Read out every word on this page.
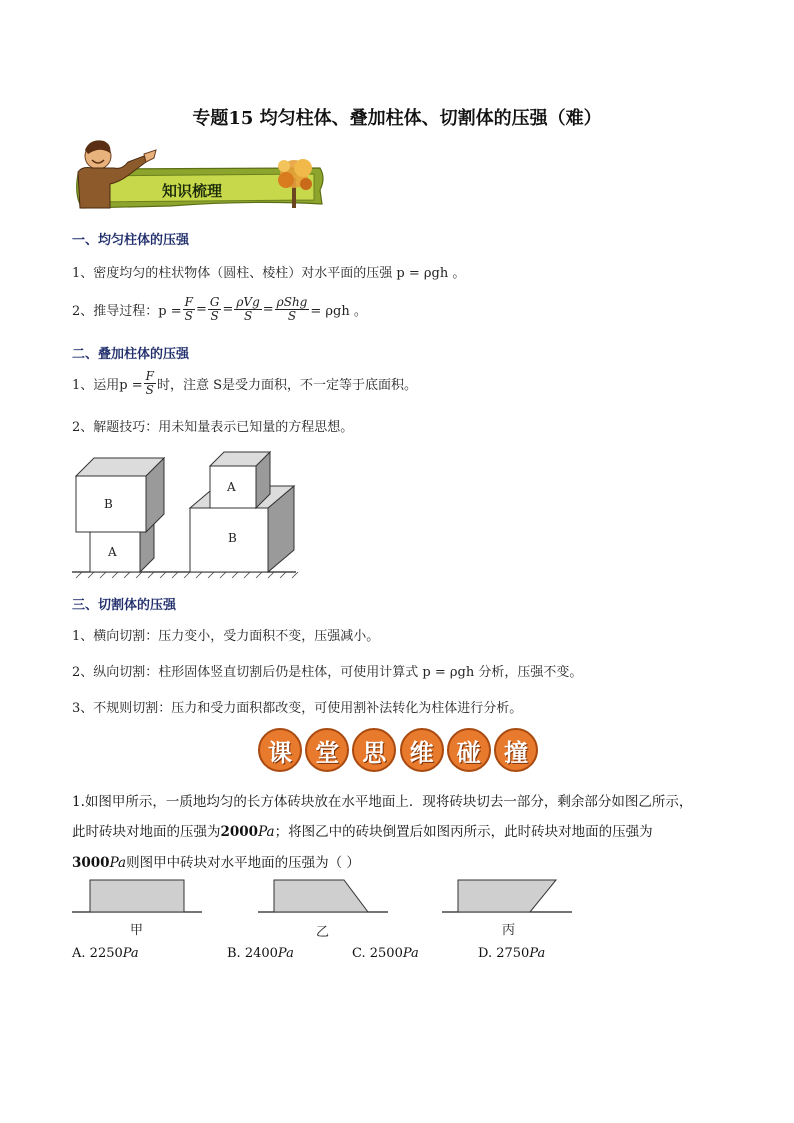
专题15 均匀柱体、叠加柱体、切割体的压强（难）
知识梳理
一、均匀柱体的压强
1、密度均匀的柱状物体（圆柱、棱柱）对水平面的压强 p = ρgh 。
2、推导过程：$p = \frac{F}{S} = \frac{G}{S} = \frac{\text{ρVg}}{S} = \frac{\text{ρShg}}{S} = \rho gh$ 。
二、叠加柱体的压强
1、运用$p = \frac{F}{S}$ 时，注意 S是受力面积，不一定等于底面积。
2、解题技巧：用未知量表示已知量的方程思想。
B
A
A
B
三、切割体的压强
1、横向切割：压力变小，受力面积不变，压强减小。
2、纵向切割：柱形固体竖直切割后仍是柱体，可使用计算式 p = ρgh 分析，压强不变。
3、不规则切割：压力和受力面积都改变，可使用割补法转化为柱体进行分析。
课 堂 思 维 碰 撞
1.如图甲所示，一质地均匀的长方体砖块放在水平地面上．现将砖块切去一部分，剩余部分如图乙所示，
此时砖块对地面的压强为2000Pa；将图乙中的砖块倒置后如图丙所示，此时砖块对地面的压强为
3000Pa则图甲中砖块对水平地面的压强为（ ）
甲	乙	丙
A. 2250Pa	B. 2400Pa	C. 2500Pa	D. 2750Pa
